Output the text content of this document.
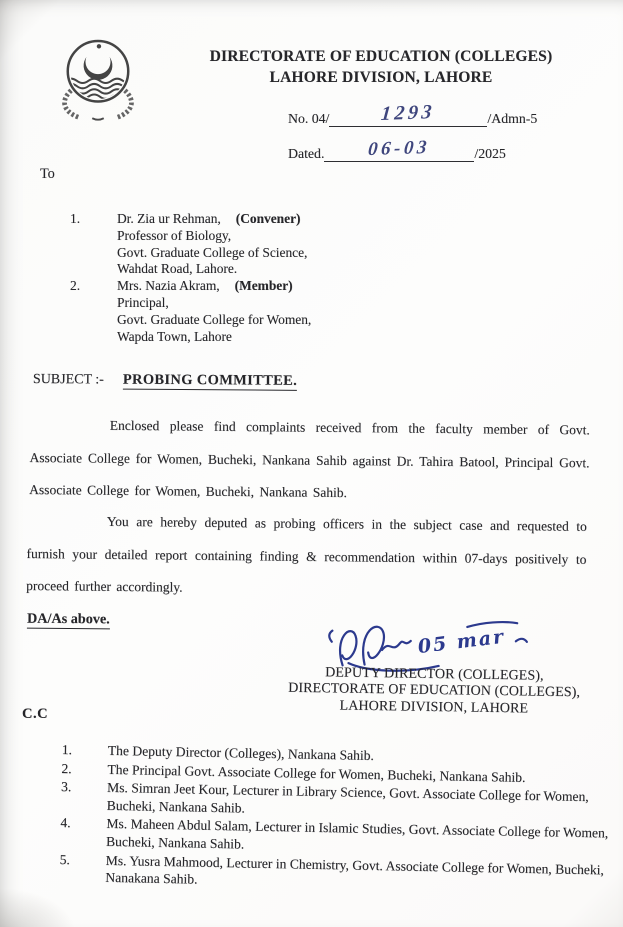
DIRECTORATE OF EDUCATION (COLLEGES)
LAHORE DIVISION, LAHORE
No. 04/	1293	/Admn-5
Dated.	06-03	/2025
To
1.	Dr. Zia ur Rehman, (Convener)
Professor of Biology,
Govt. Graduate College of Science,
Wahdat Road, Lahore.
2.	Mrs. Nazia Akram, (Member)
Principal,
Govt. Graduate College for Women,
Wapda Town, Lahore
SUBJECT :- PROBING COMMITTEE.
Enclosed please find complaints received from the faculty member of Govt. Associate College for Women, Bucheki, Nankana Sahib against Dr. Tahira Batool, Principal Govt. Associate College for Women, Bucheki, Nankana Sahib.
You are hereby deputed as probing officers in the subject case and requested to furnish your detailed report containing finding & recommendation within 07-days positively to proceed further accordingly.
DA/As above.
05 mar
DEPUTY DIRECTOR (COLLEGES),
DIRECTORATE OF EDUCATION (COLLEGES),
LAHORE DIVISION, LAHORE
C.C
1.	The Deputy Director (Colleges), Nankana Sahib.
2.	The Principal Govt. Associate College for Women, Bucheki, Nankana Sahib.
3.	Ms. Simran Jeet Kour, Lecturer in Library Science, Govt. Associate College for Women, Bucheki, Nankana Sahib.
4.	Ms. Maheen Abdul Salam, Lecturer in Islamic Studies, Govt. Associate College for Women, Bucheki, Nankana Sahib.
5.	Ms. Yusra Mahmood, Lecturer in Chemistry, Govt. Associate College for Women, Bucheki, Nanakana Sahib.
